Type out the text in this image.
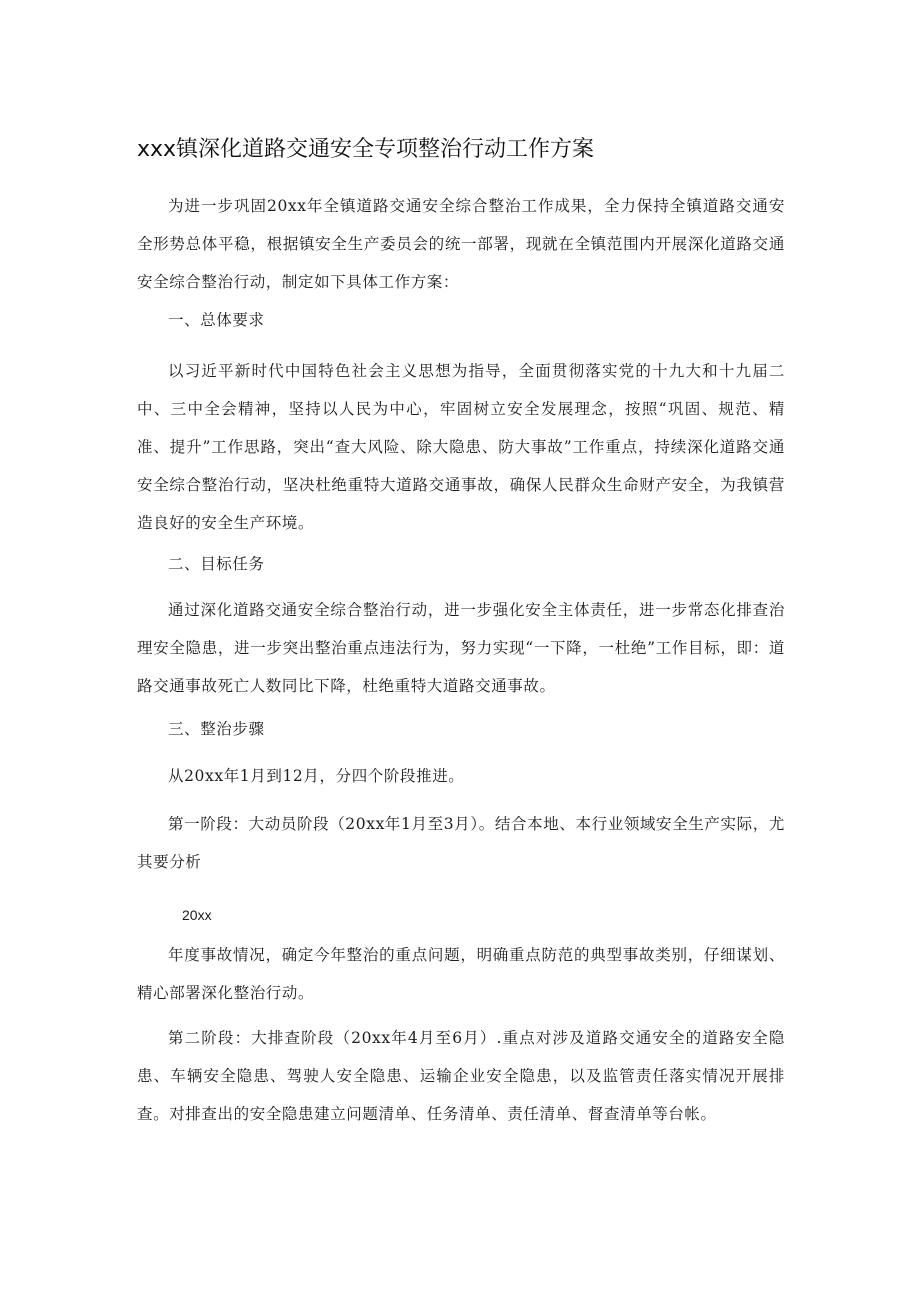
xxx镇深化道路交通安全专项整治行动工作方案
为进一步巩固20xx年全镇道路交通安全综合整治工作成果，全力保持全镇道路交通安全形势总体平稳，根据镇安全生产委员会的统一部署，现就在全镇范围内开展深化道路交通安全综合整治行动，制定如下具体工作方案：
一、总体要求
以习近平新时代中国特色社会主义思想为指导，全面贯彻落实党的十九大和十九届二中、三中全会精神，坚持以人民为中心，牢固树立安全发展理念，按照“巩固、规范、精准、提升”工作思路，突出“查大风险、除大隐患、防大事故”工作重点，持续深化道路交通安全综合整治行动，坚决杜绝重特大道路交通事故，确保人民群众生命财产安全，为我镇营造良好的安全生产环境。
二、目标任务
通过深化道路交通安全综合整治行动，进一步强化安全主体责任，进一步常态化排查治理安全隐患，进一步突出整治重点违法行为，努力实现“一下降，一杜绝”工作目标，即：道路交通事故死亡人数同比下降，杜绝重特大道路交通事故。
三、整治步骤
从20xx年1月到12月，分四个阶段推进。
第一阶段：大动员阶段（20xx年1月至3月）。结合本地、本行业领域安全生产实际，尤其要分析
20xx
年度事故情况，确定今年整治的重点问题，明确重点防范的典型事故类别，仔细谋划、精心部署深化整治行动。
第二阶段：大排查阶段（20xx年4月至6月）.重点对涉及道路交通安全的道路安全隐患、车辆安全隐患、驾驶人安全隐患、运输企业安全隐患，以及监管责任落实情况开展排查。对排查出的安全隐患建立问题清单、任务清单、责任清单、督查清单等台帐。
